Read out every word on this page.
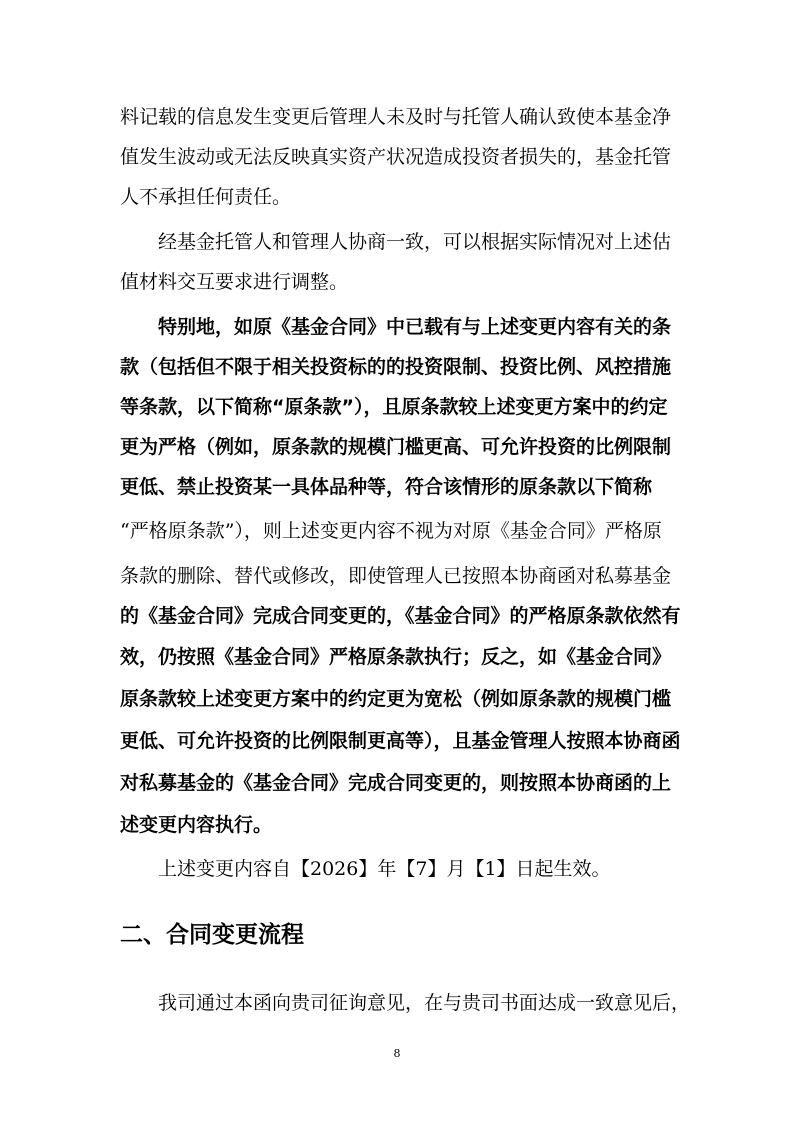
料记载的信息发生变更后管理人未及时与托管人确认致使本基金净
值发生波动或无法反映真实资产状况造成投资者损失的，基金托管
人不承担任何责任。
经基金托管人和管理人协商一致，可以根据实际情况对上述估
值材料交互要求进行调整。
特别地，如原《基金合同》中已载有与上述变更内容有关的条
款（包括但不限于相关投资标的的投资限制、投资比例、风控措施
等条款，以下简称“原条款”），且原条款较上述变更方案中的约定
更为严格（例如，原条款的规模门槛更高、可允许投资的比例限制
更低、禁止投资某一具体品种等，符合该情形的原条款以下简称
“严格原条款”），则上述变更内容不视为对原《基金合同》严格原
条款的删除、替代或修改，即使管理人已按照本协商函对私募基金
的《基金合同》完成合同变更的，《基金合同》的严格原条款依然有
效，仍按照《基金合同》严格原条款执行；反之，如《基金合同》
原条款较上述变更方案中的约定更为宽松（例如原条款的规模门槛
更低、可允许投资的比例限制更高等），且基金管理人按照本协商函
对私募基金的《基金合同》完成合同变更的，则按照本协商函的上
述变更内容执行。
上述变更内容自【2026】年【7】月【1】日起生效。
二、合同变更流程
我司通过本函向贵司征询意见，在与贵司书面达成一致意见后，
8
